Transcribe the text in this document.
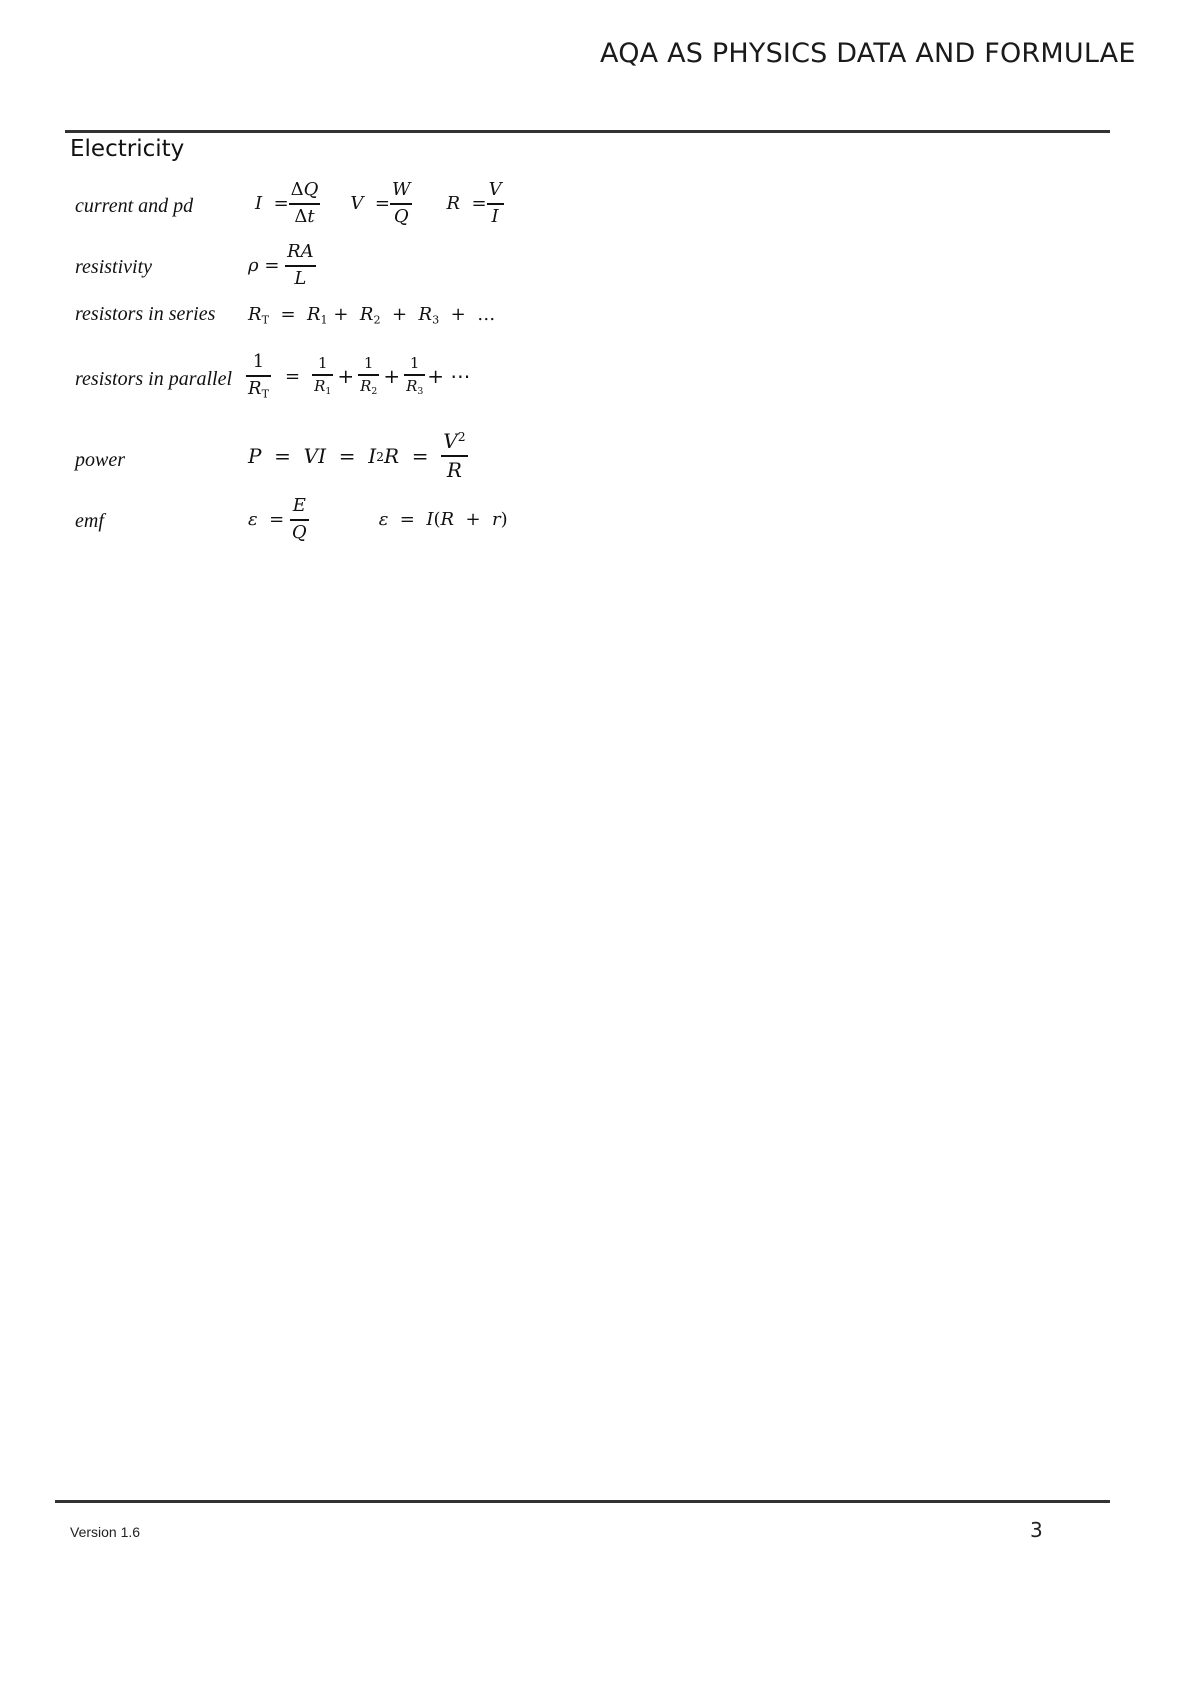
AQA AS PHYSICS DATA AND FORMULAE
Electricity
current and pd	$I = \frac{\Delta Q}{\Delta t}$ $V = \frac{W}{Q}$ $R = \frac{V}{I}$
resistivity	$\rho = \frac{RA}{L}$
resistors in series $R_T = R_1 + R_2 + R_3$  +  …
resistors in parallel $\frac{1}{R_T} = \frac{1}{R_1} + \frac{1}{R_2} + \frac{1}{R_3}$ + ⋯
power	P = VI = I 2 $R = \frac{V^2}{R}$
emf	$\varepsilon = \frac{E}{Q}$	ε = I ( R + r )
Version 1.6	3
